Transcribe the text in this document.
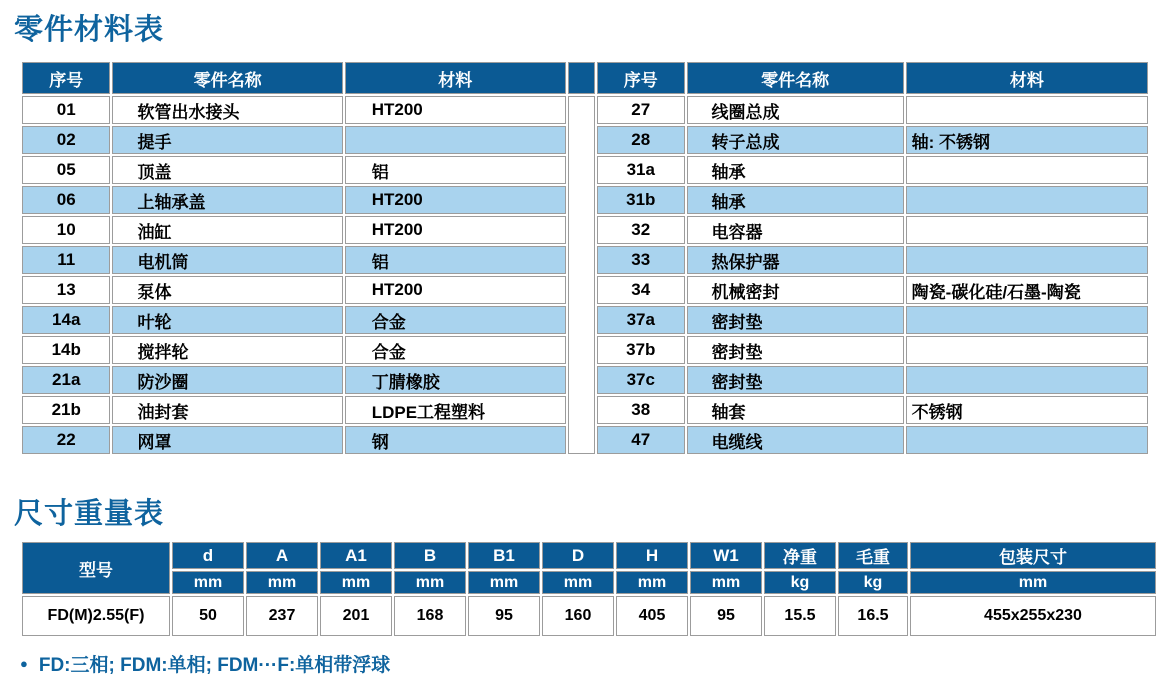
零件材料表
序号	零件名称	材料		序号	零件名称	材料
01	软管出水接头	HT200		27	线圈总成	
02	提手			28	转子总成	轴: 不锈钢
05	顶盖	铝		31a	轴承	
06	上轴承盖	HT200		31b	轴承	
10	油缸	HT200		32	电容器	
11	电机筒	铝		33	热保护器	
13	泵体	HT200		34	机械密封	陶瓷-碳化硅/石墨-陶瓷
14a	叶轮	合金		37a	密封垫	
14b	搅拌轮	合金		37b	密封垫	
21a	防沙圈	丁腈橡胶		37c	密封垫	
21b	油封套	LDPE工程塑料		38	轴套	不锈钢
22	网罩	钢		47	电缆线	
尺寸重量表
型号	d	A	A1	B	B1	D	H	W1	净重	毛重	包装尺寸
	mm	mm	mm	mm	mm	mm	mm	mm	kg	kg	mm
FD(M)2.55(F)	50	237	201	168	95	160	405	95	15.5	16.5	455x255x230
● FD:三相; FDM:单相; FDM···F:单相带浮球
